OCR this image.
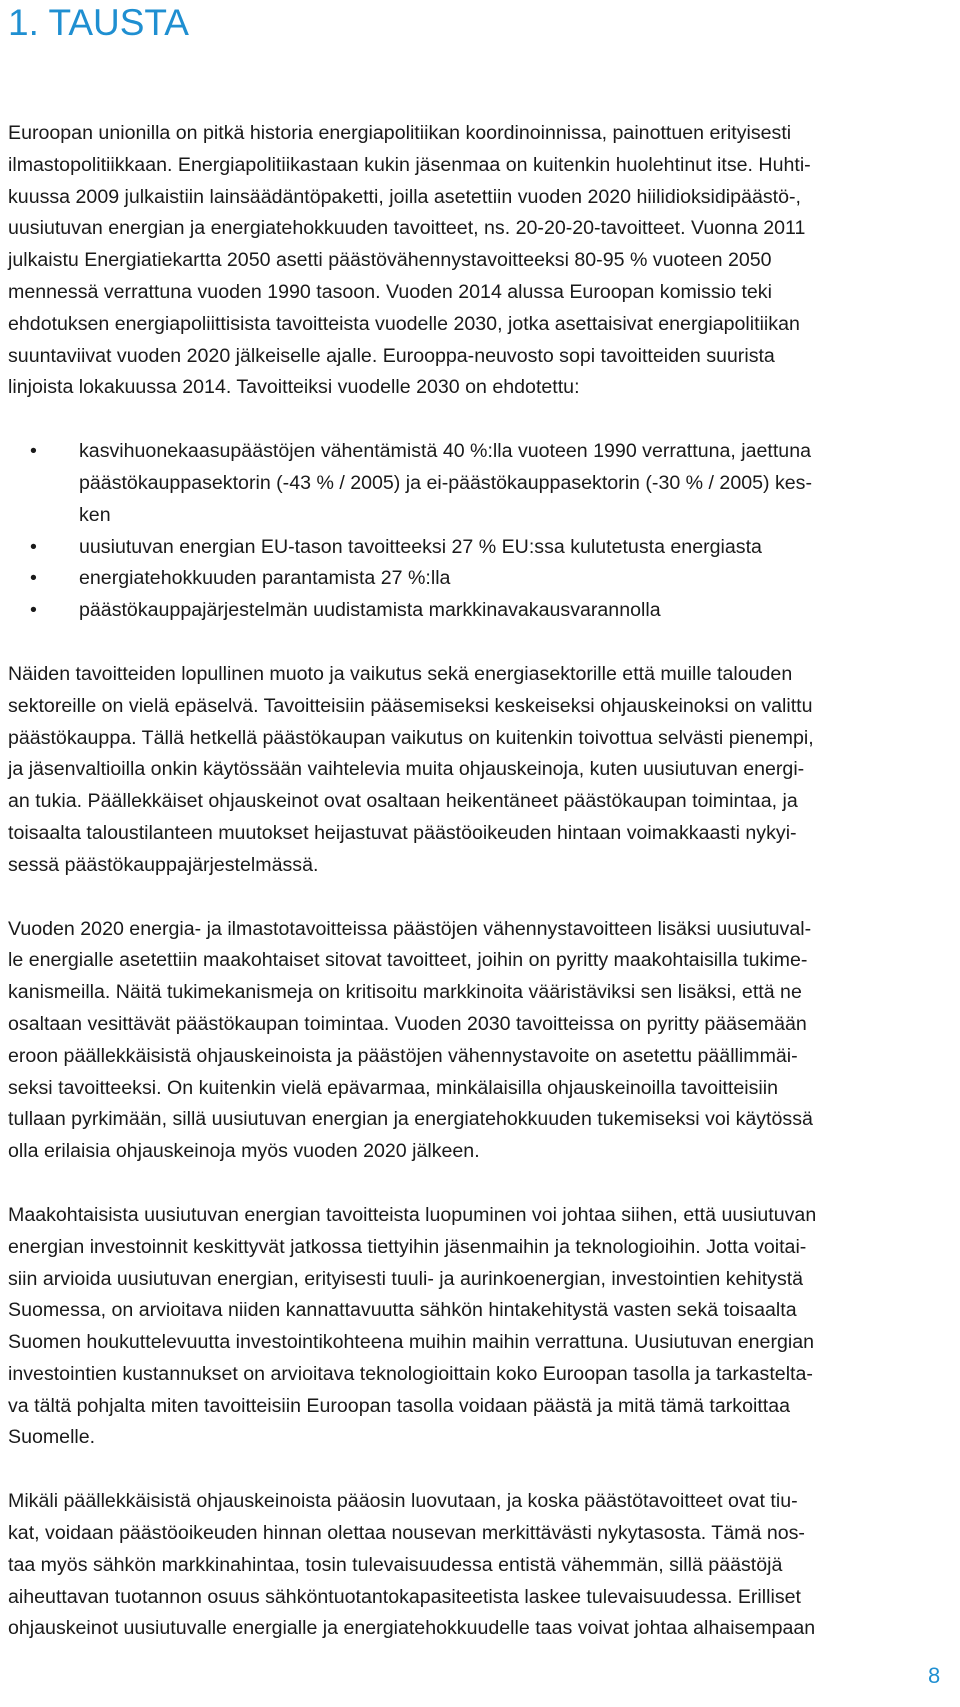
1. TAUSTA

Euroopan unionilla on pitkä historia energiapolitiikan koordinoinnissa, painottuen erityisesti
ilmastopolitiikkaan. Energiapolitiikastaan kukin jäsenmaa on kuitenkin huolehtinut itse. Huhti-
kuussa 2009 julkaistiin lainsäädäntöpaketti, joilla asetettiin vuoden 2020 hiilidioksidipäästö-,
uusiutuvan energian ja energiatehokkuuden tavoitteet, ns. 20-20-20-tavoitteet. Vuonna 2011
julkaistu Energiatiekartta 2050 asetti päästövähennystavoitteeksi 80-95 % vuoteen 2050
mennessä verrattuna vuoden 1990 tasoon. Vuoden 2014 alussa Euroopan komissio teki
ehdotuksen energiapoliittisista tavoitteista vuodelle 2030, jotka asettaisivat energiapolitiikan
suuntaviivat vuoden 2020 jälkeiselle ajalle. Eurooppa-neuvosto sopi tavoitteiden suurista
linjoista lokakuussa 2014. Tavoitteiksi vuodelle 2030 on ehdotettu:

• kasvihuonekaasupäästöjen vähentämistä 40 %:lla vuoteen 1990 verrattuna, jaettuna
päästökauppasektorin (-43 % / 2005) ja ei-päästökauppasektorin (-30 % / 2005) kes-
ken
• uusiutuvan energian EU-tason tavoitteeksi 27 % EU:ssa kulutetusta energiasta
• energiatehokkuuden parantamista 27 %:lla
• päästökauppajärjestelmän uudistamista markkinavakausvarannolla

Näiden tavoitteiden lopullinen muoto ja vaikutus sekä energiasektorille että muille talouden
sektoreille on vielä epäselvä. Tavoitteisiin pääsemiseksi keskeiseksi ohjauskeinoksi on valittu
päästökauppa. Tällä hetkellä päästökaupan vaikutus on kuitenkin toivottua selvästi pienempi,
ja jäsenvaltioilla onkin käytössään vaihtelevia muita ohjauskeinoja, kuten uusiutuvan energi-
an tukia. Päällekkäiset ohjauskeinot ovat osaltaan heikentäneet päästökaupan toimintaa, ja
toisaalta taloustilanteen muutokset heijastuvat päästöoikeuden hintaan voimakkaasti nykyi-
sessä päästökauppajärjestelmässä.

Vuoden 2020 energia- ja ilmastotavoitteissa päästöjen vähennystavoitteen lisäksi uusiutuval-
le energialle asetettiin maakohtaiset sitovat tavoitteet, joihin on pyritty maakohtaisilla tukime-
kanismeilla. Näitä tukimekanismeja on kritisoitu markkinoita vääristäviksi sen lisäksi, että ne
osaltaan vesittävät päästökaupan toimintaa. Vuoden 2030 tavoitteissa on pyritty pääsemään
eroon päällekkäisistä ohjauskeinoista ja päästöjen vähennystavoite on asetettu päällimmäi-
seksi tavoitteeksi. On kuitenkin vielä epävarmaa, minkälaisilla ohjauskeinoilla tavoitteisiin
tullaan pyrkimään, sillä uusiutuvan energian ja energiatehokkuuden tukemiseksi voi käytössä
olla erilaisia ohjauskeinoja myös vuoden 2020 jälkeen.

Maakohtaisista uusiutuvan energian tavoitteista luopuminen voi johtaa siihen, että uusiutuvan
energian investoinnit keskittyvät jatkossa tiettyihin jäsenmaihin ja teknologioihin. Jotta voitai-
siin arvioida uusiutuvan energian, erityisesti tuuli- ja aurinkoenergian, investointien kehitystä
Suomessa, on arvioitava niiden kannattavuutta sähkön hintakehitystä vasten sekä toisaalta
Suomen houkuttelevuutta investointikohteena muihin maihin verrattuna. Uusiutuvan energian
investointien kustannukset on arvioitava teknologioittain koko Euroopan tasolla ja tarkastelta-
va tältä pohjalta miten tavoitteisiin Euroopan tasolla voidaan päästä ja mitä tämä tarkoittaa
Suomelle.

Mikäli päällekkäisistä ohjauskeinoista pääosin luovutaan, ja koska päästötavoitteet ovat tiu-
kat, voidaan päästöoikeuden hinnan olettaa nousevan merkittävästi nykytasosta. Tämä nos-
taa myös sähkön markkinahintaa, tosin tulevaisuudessa entistä vähemmän, sillä päästöjä
aiheuttavan tuotannon osuus sähköntuotantokapasiteetista laskee tulevaisuudessa. Erilliset
ohjauskeinot uusiutuvalle energialle ja energiatehokkuudelle taas voivat johtaa alhaisempaan

8
